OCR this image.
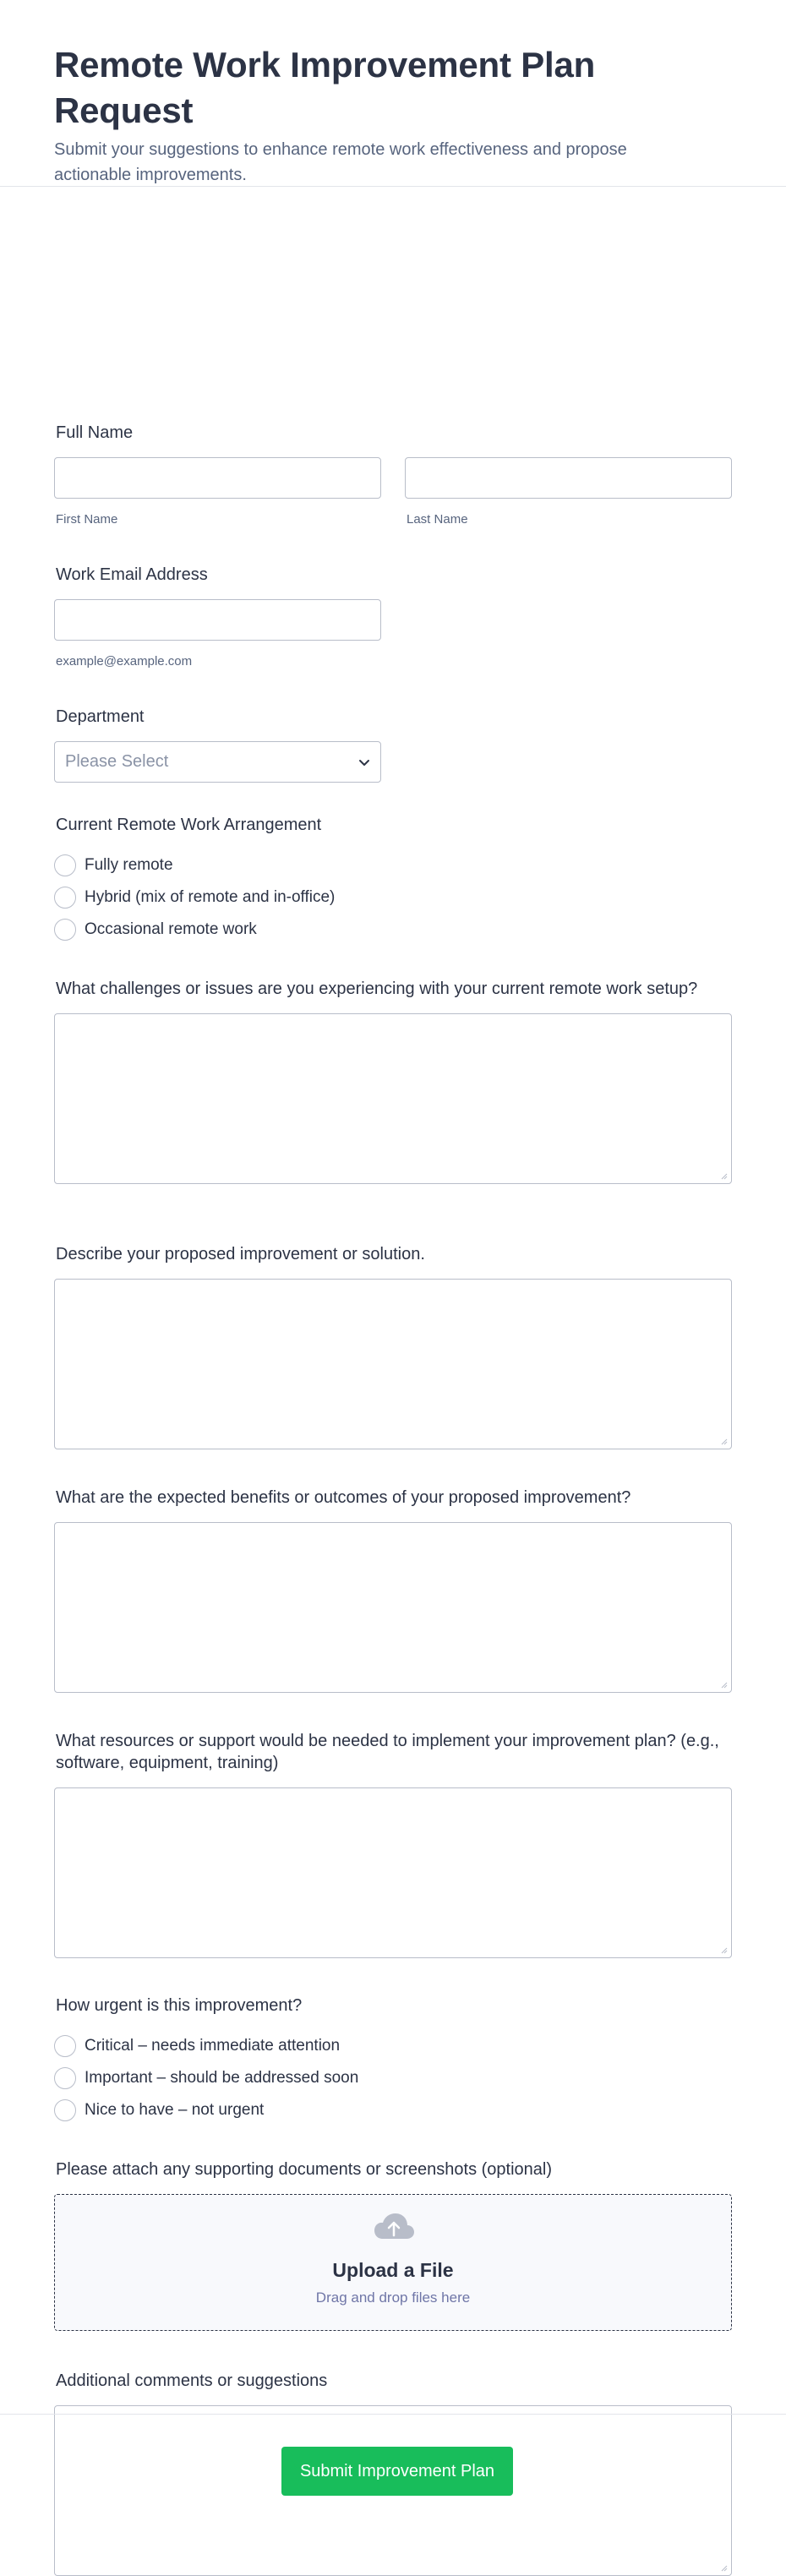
Remote Work Improvement Plan Request

Submit your suggestions to enhance remote work effectiveness and propose actionable improvements.

Full Name
First Name	Last Name
Work Email Address
example@example.com
Department
Please Select
Current Remote Work Arrangement
Fully remote
Hybrid (mix of remote and in-office)
Occasional remote work
What challenges or issues are you experiencing with your current remote work setup?
Describe your proposed improvement or solution.
What are the expected benefits or outcomes of your proposed improvement?
What resources or support would be needed to implement your improvement plan? (e.g., software, equipment, training)
How urgent is this improvement?
Critical – needs immediate attention
Important – should be addressed soon
Nice to have – not urgent
Please attach any supporting documents or screenshots (optional)
Upload a File
Drag and drop files here
Additional comments or suggestions
Submit Improvement Plan
